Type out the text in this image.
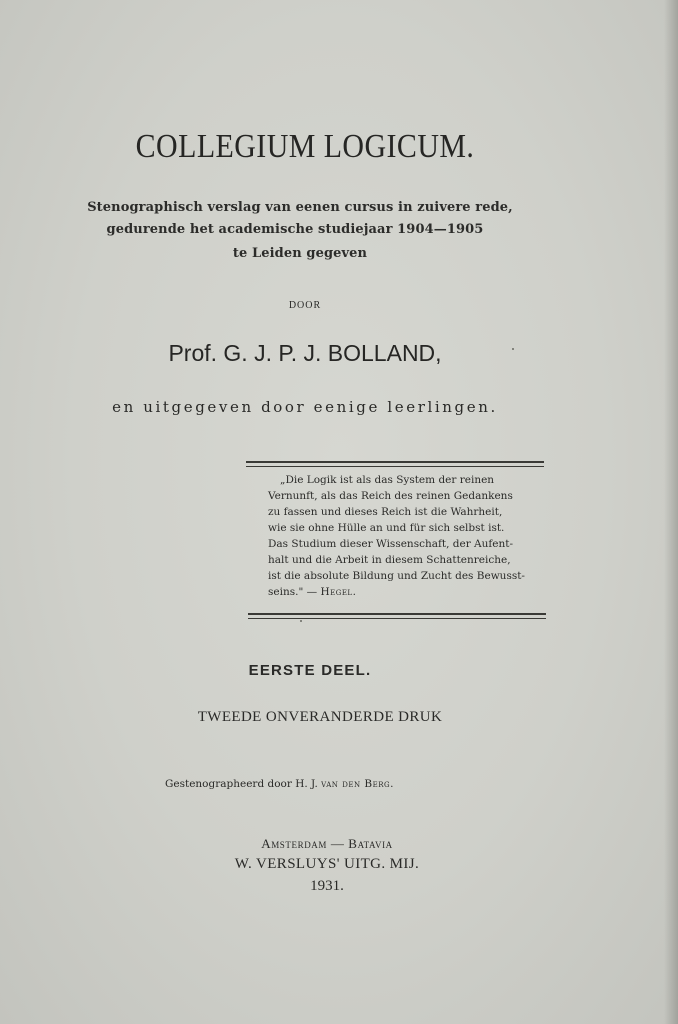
COLLEGIUM LOGICUM.
Stenographisch verslag van eenen cursus in zuivere rede,
gedurende het academische studiejaar 1904—1905
te Leiden gegeven
DOOR
Prof. G. J. P. J. BOLLAND,
en uitgegeven door eenige leerlingen.
„Die Logik ist als das System der reinen
Vernunft, als das Reich des reinen Gedankens
zu fassen und dieses Reich ist die Wahrheit,
wie sie ohne Hülle an und für sich selbst ist.
Das Studium dieser Wissenschaft, der Aufent-
halt und die Arbeit in diesem Schattenreiche,
ist die absolute Bildung und Zucht des Bewusst-
seins." — Hegel.
EERSTE DEEL.
TWEEDE ONVERANDERDE DRUK
Gestenographeerd door H. J. van den Berg.
Amsterdam — Batavia
W. VERSLUYS' UITG. MIJ.
1931.
